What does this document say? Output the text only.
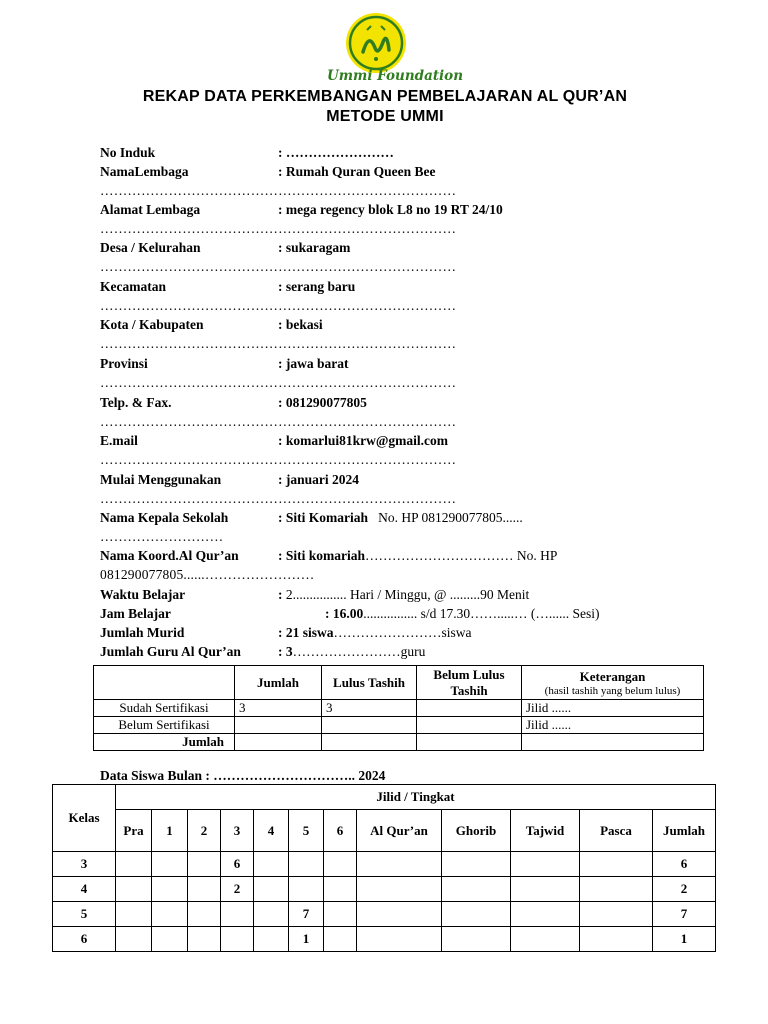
Ummi Foundation
REKAP DATA PERKEMBANGAN PEMBELAJARAN AL QUR’AN
METODE UMMI
No Induk	: ……………………
NamaLembaga	: Rumah Quran Queen Bee
……………………………………………………………………
Alamat Lembaga	: mega regency blok L8 no 19 RT 24/10
……………………………………………………………………
Desa / Kelurahan	: sukaragam
……………………………………………………………………
Kecamatan	: serang baru
……………………………………………………………………
Kota / Kabupaten	: bekasi
……………………………………………………………………
Provinsi	: jawa barat
……………………………………………………………………
Telp. & Fax.	: 081290077805
……………………………………………………………………
E.mail	: komarlui81krw@gmail.com
……………………………………………………………………
Mulai Menggunakan	: januari 2024
……………………………………………………………………
Nama Kepala Sekolah	: Siti Komariah No. HP 081290077805......
………………………
Nama Koord.Al Qur’an	: Siti komariah…………………………… No. HP
081290077805......……………………
Waktu Belajar	: 2................ Hari / Minggu, @ .........90 Menit
Jam Belajar	: 16.00................ s/d 17.30…….....… (…...... Sesi)
Jumlah Murid	: 21 siswa……………………siswa
Jumlah Guru Al Qur’an	: 3……………………guru
	Jumlah	Lulus Tashih	Belum Lulus Tashih	Keterangan
(hasil tashih yang belum lulus)

Sudah Sertifikasi	3	3		Jilid ......
Belum Sertifikasi				Jilid ......
Jumlah				
Data Siswa Bulan : ………………………….. 2024
Kelas	Jilid / Tingkat											
	Pra	1	2	3	4	5	6	Al Qur’an	Ghorib	Tajwid	Pasca	Jumlah
3				6								6
4				2								2
5						7						7
6						1						1
